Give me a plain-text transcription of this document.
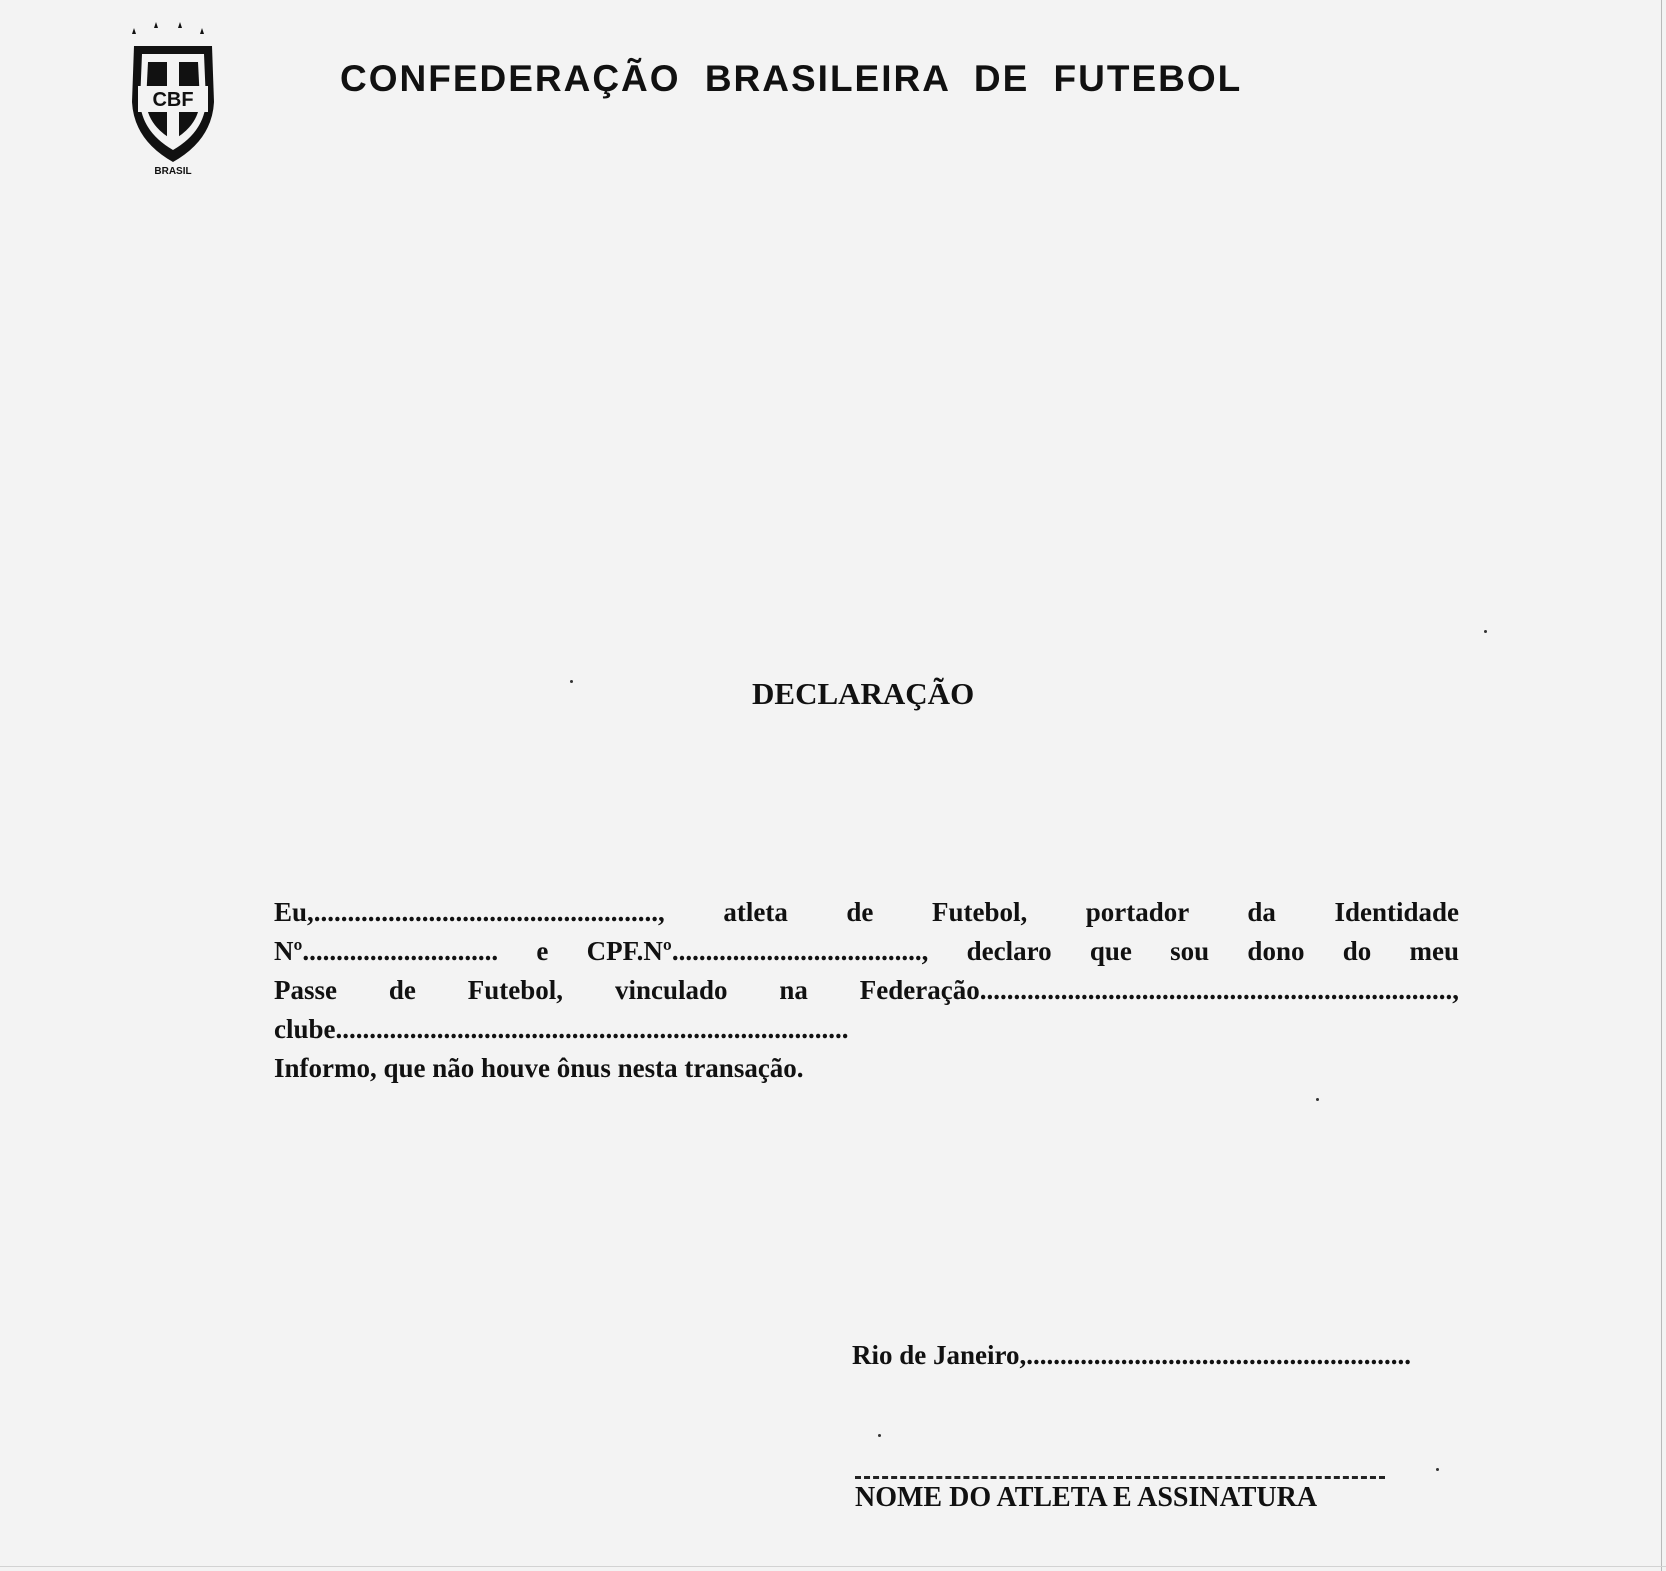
CBF
BRASIL
CONFEDERAÇÃO BRASILEIRA DE FUTEBOL
DECLARAÇÃO
Eu,..................................................., atleta de Futebol, portador da Identidade
Nº............................. e CPF.Nº....................................., declaro que sou dono do meu
Passe de Futebol, vinculado na Federação......................................................................,
clube............................................................................
Informo, que não houve ônus nesta transação.
Rio de Janeiro,.........................................................
NOME DO ATLETA E ASSINATURA
